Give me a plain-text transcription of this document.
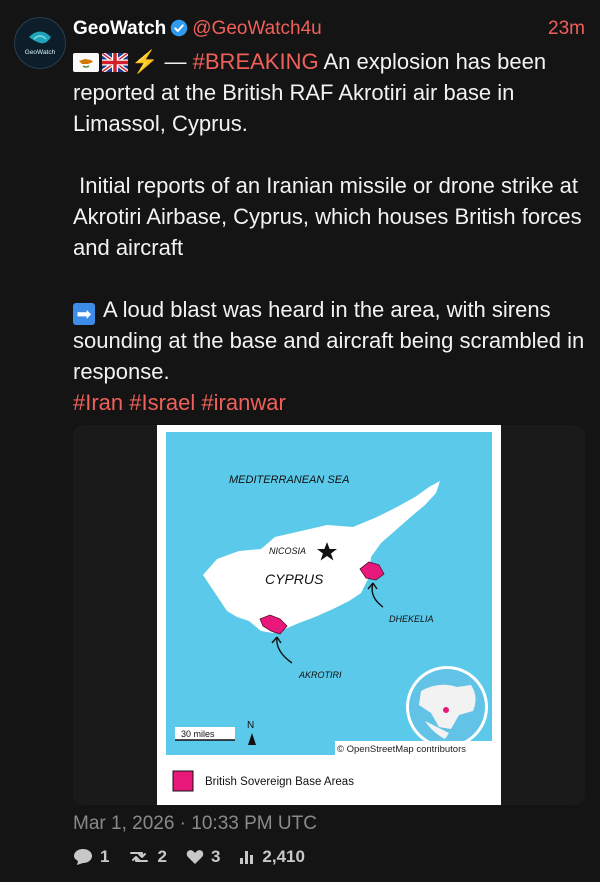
GeoWatch
GeoWatch @GeoWatch4u	23m

⚡ — #BREAKING An explosion has been reported at the British RAF Akrotiri air base in Limassol, Cyprus.

Initial reports of an Iranian missile or drone strike at Akrotiri Airbase, Cyprus, which houses British forces and aircraft

➡ A loud blast was heard in the area, with sirens sounding at the base and aircraft being scrambled in response.

#Iran #Israel #iranwar

MEDITERRANEAN SEA
NICOSIA
CYPRUS
DHEKELIA
AKROTIRI
30 miles
N
© OpenStreetMap contributors
British Sovereign Base Areas
Mar 1, 2026 · 10:33 PM UTC
1	2	3 2,410
